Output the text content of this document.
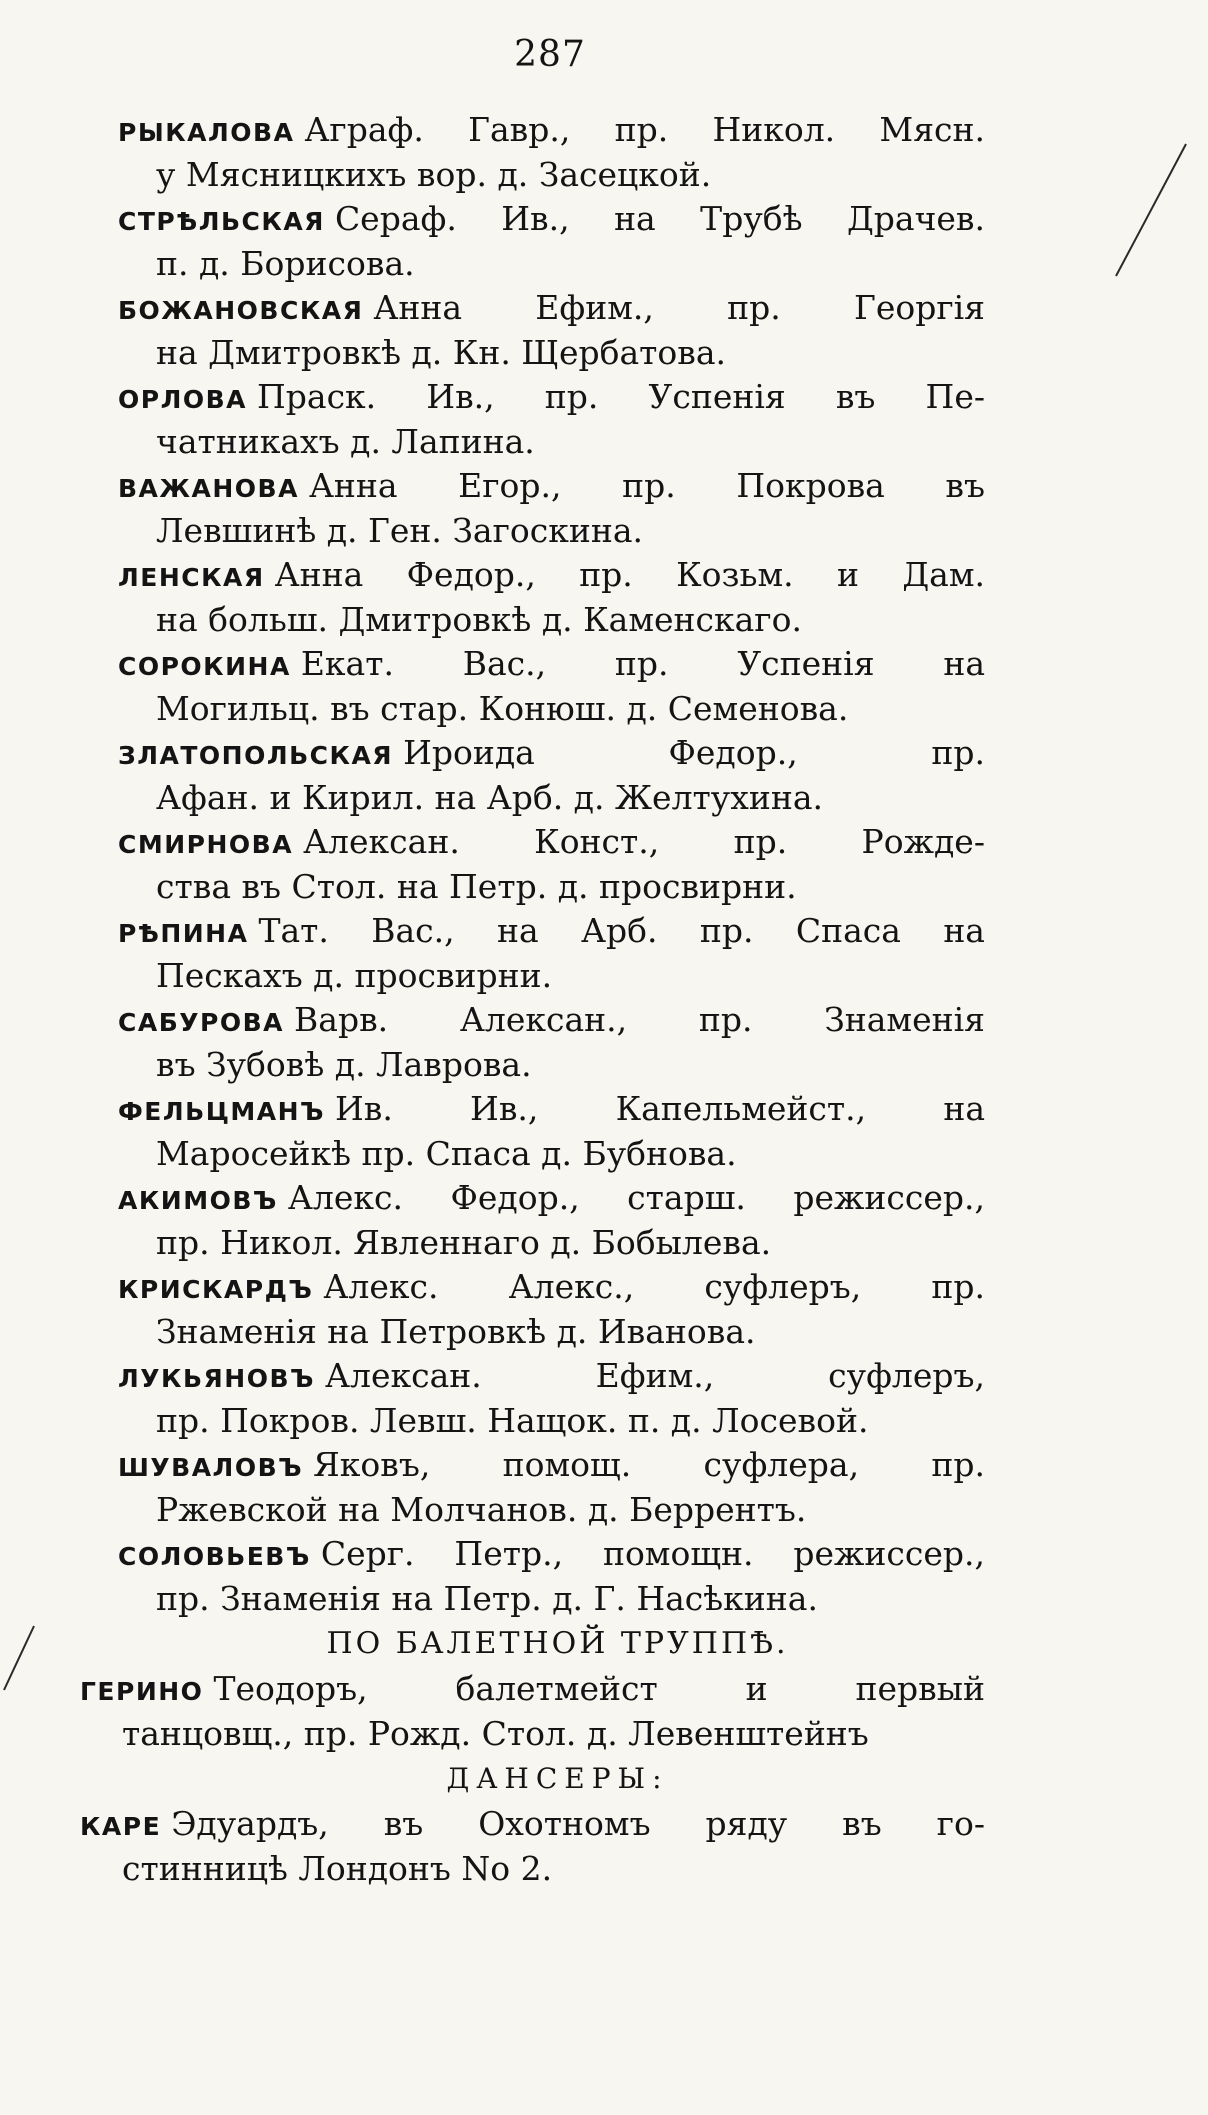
287
РЫКАЛОВА Аграф. Гавр., пр. Никол. Мясн.
у Мясницкихъ вор. д. Засецкой.
СТРѢЛЬСКАЯ Сераф. Ив., на Трубѣ Драчев.
п. д. Борисова.
БОЖАНОВСКАЯ Анна Ефим., пр. Георгія
на Дмитровкѣ д. Кн. Щербатова.
ОРЛОВА Праск. Ив., пр. Успенія въ Пе-
чатникахъ д. Лапина.
ВАЖАНОВА Анна Егор., пр. Покрова въ
Левшинѣ д. Ген. Загоскина.
ЛЕНСКАЯ Анна Федор., пр. Козьм. и Дам.
на больш. Дмитровкѣ д. Каменскаго.
СОРОКИНА Екат. Вас., пр. Успенія на
Могильц. въ стар. Конюш. д. Семенова.
ЗЛАТОПОЛЬСКАЯ Ироида Федор., пр.
Афан. и Кирил. на Арб. д. Желтухина.
СМИРНОВА Алексан. Конст., пр. Рожде-
ства въ Стол. на Петр. д. просвирни.
РѢПИНА Тат. Вас., на Арб. пр. Спаса на
Пескахъ д. просвирни.
САБУРОВА Варв. Алексан., пр. Знаменія
въ Зубовѣ д. Лаврова.
ФЕЛЬЦМАНЪ Ив. Ив., Капельмейст., на
Маросейкѣ пр. Спаса д. Бубнова.
АКИМОВЪ Алекс. Федор., старш. режиссер.,
пр. Никол. Явленнаго д. Бобылева.
КРИСКАРДЪ Алекс. Алекс., суфлеръ, пр.
Знаменія на Петровкѣ д. Иванова.
ЛУКЬЯНОВЪ Алексан. Ефим., суфлеръ,
пр. Покров. Левш. Нащок. п. д. Лосевой.
ШУВАЛОВЪ Яковъ, помощ. суфлера, пр.
Ржевской на Молчанов. д. Беррентъ.
СОЛОВЬЕВЪ Серг. Петр., помощн. режиссер.,
пр. Знаменія на Петр. д. Г. Насѣкина.
ПО БАЛЕТНОЙ ТРУППѢ.
ГЕРИНО Теодоръ, балетмейст и первый
танцовщ., пр. Рожд. Стол. д. Левенштейнъ
ДАНСЕРЫ:
КАРЕ Эдуардъ, въ Охотномъ ряду въ го-
стинницѣ Лондонъ No 2.
